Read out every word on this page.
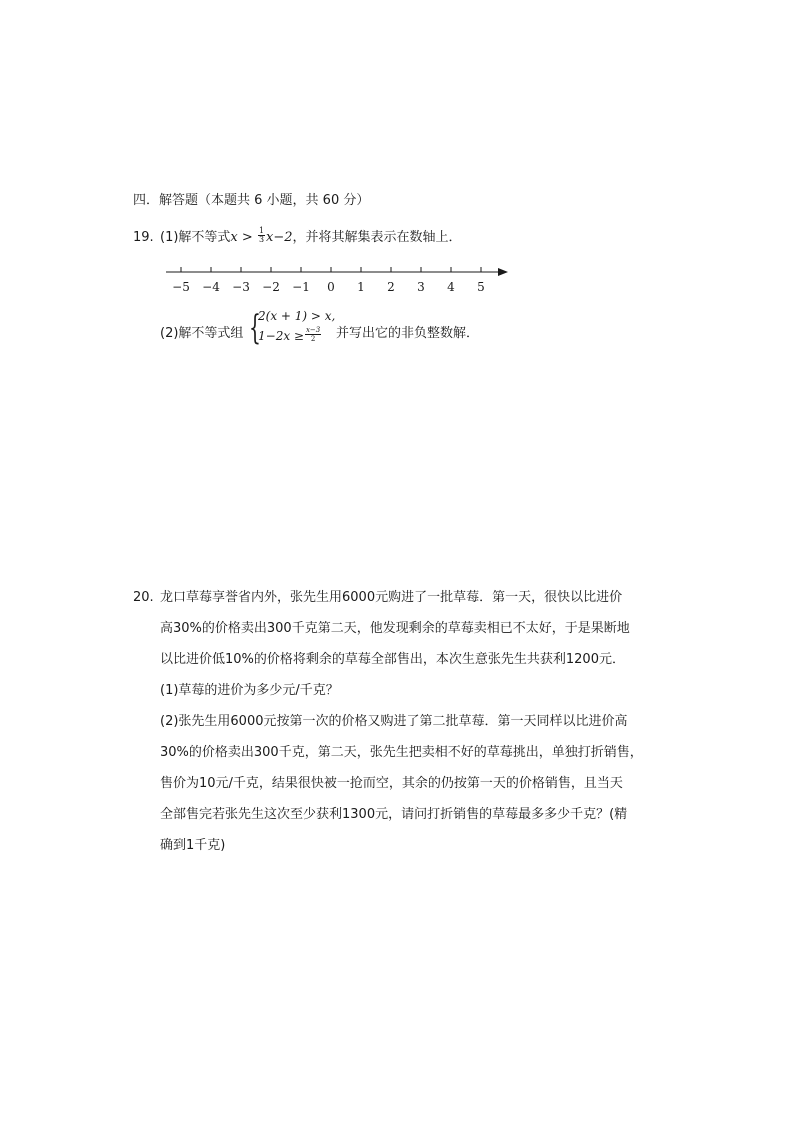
四．解答题（本题共 6 小题，共 60 分）
19. (1)解不等式$x > \frac{1}{3} x-2$，并将其解集表示在数轴上．
−5 −4 −3 −2 −1 0 1 2 3 4 5
(2)解不等式组 {
2(x + 1) > x,
$1-2x \ge \frac{x-3}{2}$ 并写出它的非负整数解．
20. 龙口草莓享誉省内外，张先生用6000元购进了一批草莓．第一天，很快以比进价
高30%的价格卖出300千克第二天，他发现剩余的草莓卖相已不太好，于是果断地
以比进价低10%的价格将剩余的草莓全部售出，本次生意张先生共获利1200元．
(1)草莓的进价为多少元/千克？
(2)张先生用6000元按第一次的价格又购进了第二批草莓．第一天同样以比进价高
30%的价格卖出300千克，第二天，张先生把卖相不好的草莓挑出，单独打折销售，
售价为10元/千克，结果很快被一抢而空，其余的仍按第一天的价格销售，且当天
全部售完若张先生这次至少获利1300元，请问打折销售的草莓最多多少千克？(精
确到1千克)
